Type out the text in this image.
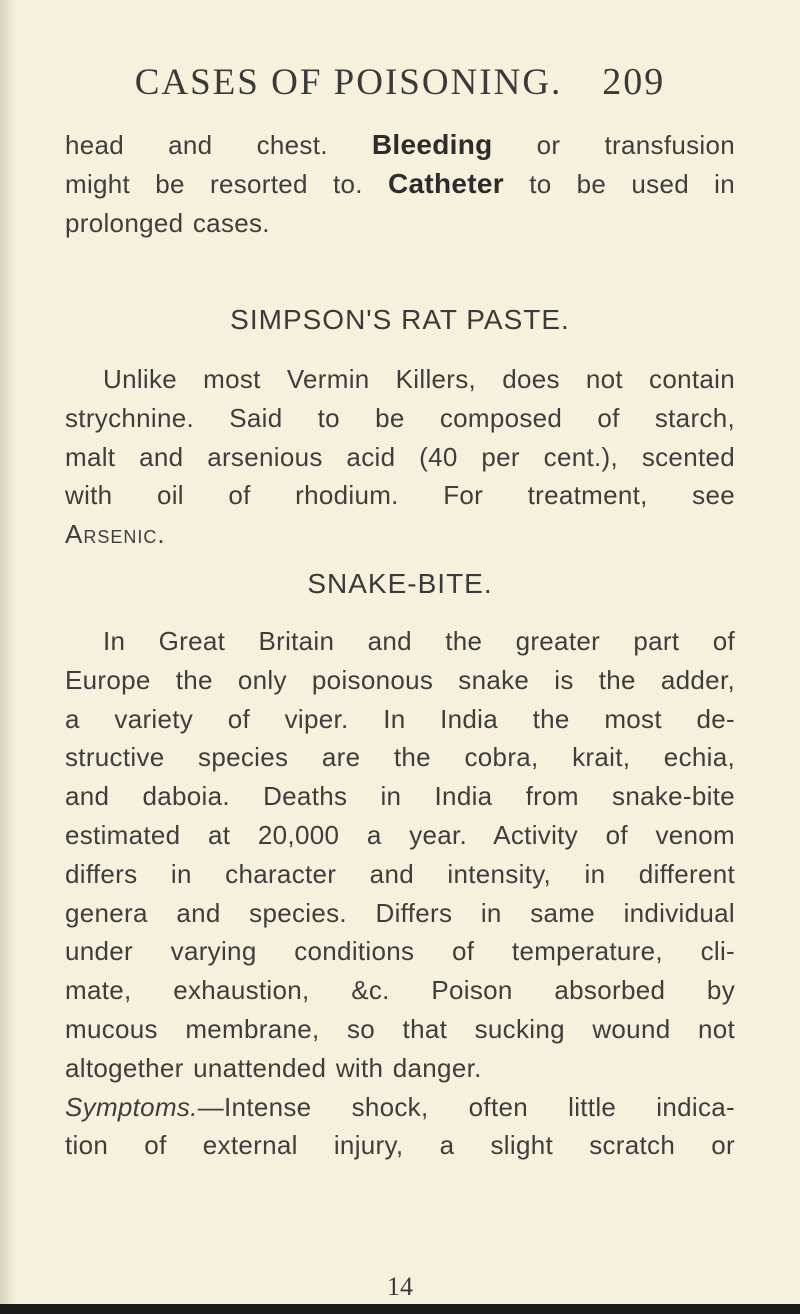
CASES OF POISONING. 209
head and chest. Bleeding or transfusion
might be resorted to. Catheter to be used in
prolonged cases.
SIMPSON'S RAT PASTE.
Unlike most Vermin Killers, does not contain
strychnine. Said to be composed of starch,
malt and arsenious acid (40 per cent.), scented
with oil of rhodium. For treatment, see
Arsenic.
SNAKE-BITE.
In Great Britain and the greater part of
Europe the only poisonous snake is the adder,
a variety of viper. In India the most de-
structive species are the cobra, krait, echia,
and daboia. Deaths in India from snake-bite
estimated at 20,000 a year. Activity of venom
differs in character and intensity, in different
genera and species. Differs in same individual
under varying conditions of temperature, cli-
mate, exhaustion, &c. Poison absorbed by
mucous membrane, so that sucking wound not
altogether unattended with danger.
Symptoms.—Intense shock, often little indica-
tion of external injury, a slight scratch or
14
